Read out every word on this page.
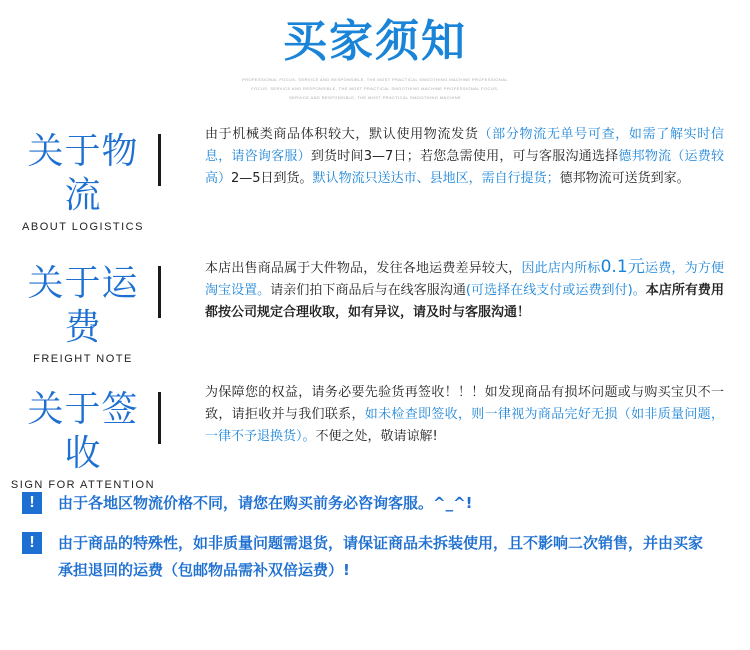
买家须知
PROFESSIONAL FOCUS, SERVICE AND RESPONSIBLE, THE MOST PRACTICAL SMOOTHING MACHINE PROFESSIONAL
FOCUS, SERVICE AND RESPONSIBLE, THE MOST PRACTICAL SMOOTHING MACHINE PROFESSIONAL FOCUS,
SERVICE AND RESPONSIBLE, THE MOST PRACTICAL SMOOTHING MACHINE
关于物流
ABOUT LOGISTICS
由于机械类商品体积较大，默认使用物流发货（部分物流无单号可查，如需了解实时信息，请咨询客服）到货时间3—7日；若您急需使用，可与客服沟通选择德邦物流（运费较高）2—5日到货。默认物流只送达市、县地区，需自行提货；德邦物流可送货到家。
关于运费
FREIGHT NOTE
本店出售商品属于大件物品，发往各地运费差异较大，因此店内所标0.1元运费，为方便淘宝设置。请亲们拍下商品后与在线客服沟通(可选择在线支付或运费到付)。本店所有费用都按公司规定合理收取，如有异议，请及时与客服沟通！
关于签收
SIGN FOR ATTENTION
为保障您的权益，请务必要先验货再签收！！！如发现商品有损坏问题或与购买宝贝不一致，请拒收并与我们联系，如未检查即签收，则一律视为商品完好无损（如非质量问题，一律不予退换货）。不便之处，敬请谅解!
!	由于各地区物流价格不同，请您在购买前务必咨询客服。^_^!
!	由于商品的特殊性，如非质量问题需退货，请保证商品未拆装使用，且不影响二次销售，并由买家承担退回的运费（包邮物品需补双倍运费）!
